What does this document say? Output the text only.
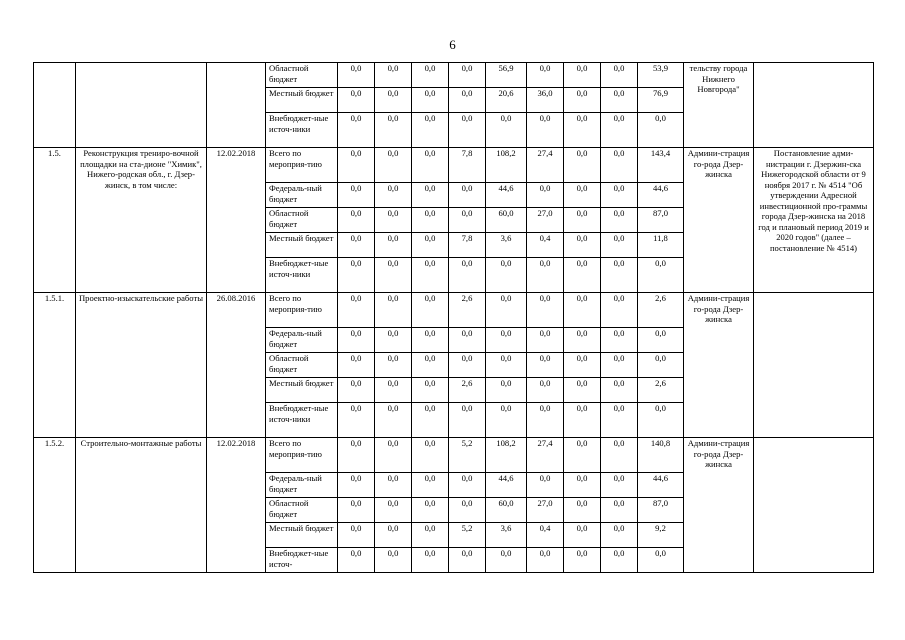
6
			Областной бюджет	0,0	0,0	0,0	0,0	56,9	0,0	0,0	0,0	53,9	тельству города Нижнего Новгорода"	
			Местный бюджет	0,0	0,0	0,0	0,0	20,6	36,0	0,0	0,0	76,9		
			Внебюджет-ные источ-ники	0,0	0,0	0,0	0,0	0,0	0,0	0,0	0,0	0,0		
1.5.	Реконструкция трениро-вочной площадки на ста-дионе "Химик", Нижего-родская обл., г. Дзер-жинск, в том числе:	12.02.2018	Всего по мероприя-тию	0,0	0,0	0,0	7,8	108,2	27,4	0,0	0,0	143,4	Админи-страция го-рода Дзер-жинска	Постановление адми-нистрации г. Дзержин-ска Нижегородской области от 9 ноября 2017 г. № 4514 "Об утверждении Адресной инвестиционной про-граммы города Дзер-жинска на 2018 год и плановый период 2019 и 2020 годов" (далее – постановление № 4514)
			Федераль-ный бюджет	0,0	0,0	0,0	0,0	44,6	0,0	0,0	0,0	44,6		
			Областной бюджет	0,0	0,0	0,0	0,0	60,0	27,0	0,0	0,0	87,0		
			Местный бюджет	0,0	0,0	0,0	7,8	3,6	0,4	0,0	0,0	11,8		
			Внебюджет-ные источ-ники	0,0	0,0	0,0	0,0	0,0	0,0	0,0	0,0	0,0		
1.5.1.	Проектно-изыскательские работы	26.08.2016	Всего по мероприя-тию	0,0	0,0	0,0	2,6	0,0	0,0	0,0	0,0	2,6	Админи-страция го-рода Дзер-жинска	
			Федераль-ный бюджет	0,0	0,0	0,0	0,0	0,0	0,0	0,0	0,0	0,0		
			Областной бюджет	0,0	0,0	0,0	0,0	0,0	0,0	0,0	0,0	0,0		
			Местный бюджет	0,0	0,0	0,0	2,6	0,0	0,0	0,0	0,0	2,6		
			Внебюджет-ные источ-ники	0,0	0,0	0,0	0,0	0,0	0,0	0,0	0,0	0,0		
1.5.2.	Строительно-монтажные работы	12.02.2018	Всего по мероприя-тию	0,0	0,0	0,0	5,2	108,2	27,4	0,0	0,0	140,8	Админи-страция го-рода Дзер-жинска	
			Федераль-ный бюджет	0,0	0,0	0,0	0,0	44,6	0,0	0,0	0,0	44,6		
			Областной бюджет	0,0	0,0	0,0	0,0	60,0	27,0	0,0	0,0	87,0		
			Местный бюджет	0,0	0,0	0,0	5,2	3,6	0,4	0,0	0,0	9,2		
			Внебюджет-ные источ-	0,0	0,0	0,0	0,0	0,0	0,0	0,0	0,0	0,0		
